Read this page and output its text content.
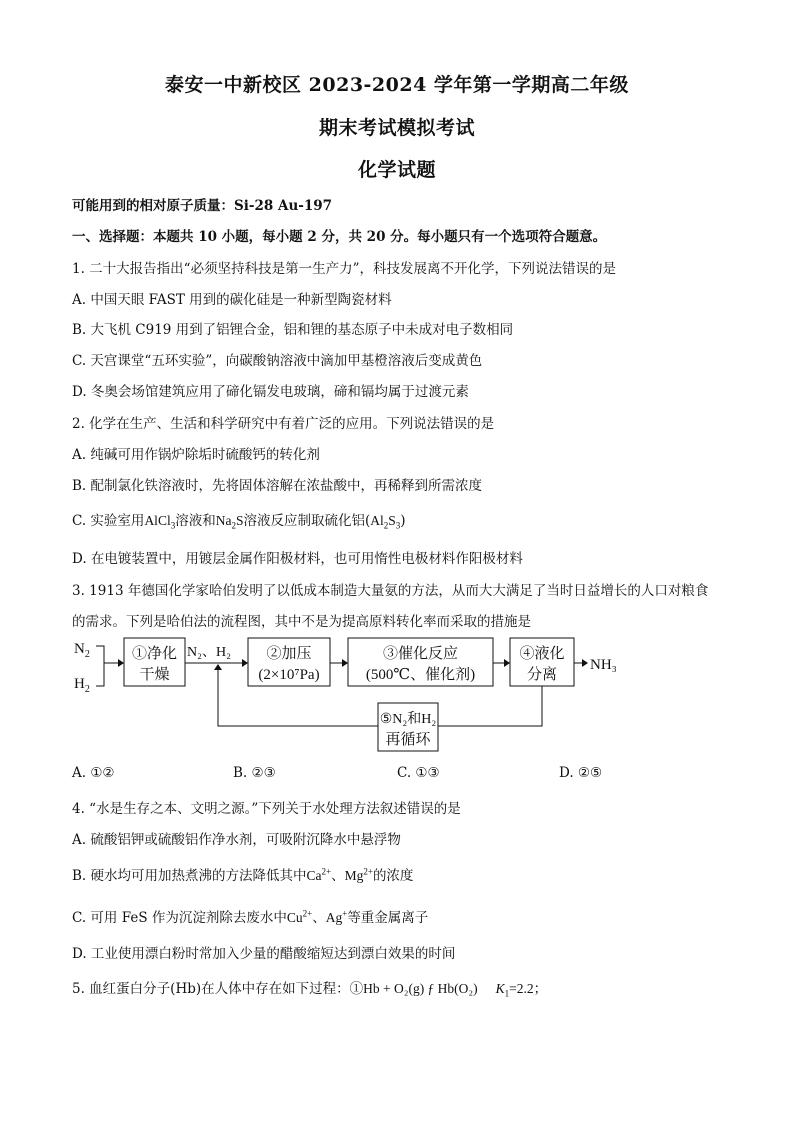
泰安一中新校区 2023-2024 学年第一学期高二年级
期末考试模拟考试
化学试题
可能用到的相对原子质量：Si-28 Au-197
一、选择题：本题共 10 小题，每小题 2 分，共 20 分。每小题只有一个选项符合题意。
1. 二十大报告指出“必须坚持科技是第一生产力”，科技发展离不开化学，下列说法错误的是
A. 中国天眼 FAST 用到的碳化硅是一种新型陶瓷材料
B. 大飞机 C919 用到了铝锂合金，铝和锂的基态原子中未成对电子数相同
C. 天宫课堂“五环实验”，向碳酸钠溶液中滴加甲基橙溶液后变成黄色
D. 冬奥会场馆建筑应用了碲化镉发电玻璃，碲和镉均属于过渡元素
2. 化学在生产、生活和科学研究中有着广泛的应用。下列说法错误的是
A. 纯碱可用作锅炉除垢时硫酸钙的转化剂
B. 配制氯化铁溶液时，先将固体溶解在浓盐酸中，再稀释到所需浓度
C. 实验室用AlCl$_3$溶液和$Na_2S$溶液反应制取硫化铝$(Al_2S_3)$
D. 在电镀装置中，用镀层金属作阳极材料，也可用惰性电极材料作阳极材料
3. 1913 年德国化学家哈伯发明了以低成本制造大量氨的方法，从而大大满足了当时日益增长的人口对粮食
的需求。下列是哈伯法的流程图，其中不是为提高原料转化率而采取的措施是
$N_2$
$H_2$
①净化
干燥
N₂、H₂ ②加压
(2×10⁷Pa)
③催化反应
(500℃、催化剂)
④液化
分离
NH₃
⑤N₂和H₂
再循环
A. ①②	B. ②③	C. ①③	D. ②⑤
4. “水是生存之本、文明之源。”下列关于水处理方法叙述错误的是
A. 硫酸铝钾或硫酸铝作净水剂，可吸附沉降水中悬浮物
B. 硬水均可用加热煮沸的方法降低其中$Ca^{2+}$、$Mg^{2+}$的浓度
C. 可用 FeS 作为沉淀剂除去废水中$Cu^{2+}$、Ag+等重金属离子
D. 工业使用漂白粉时常加入少量的醋酸缩短达到漂白效果的时间
5. 血红蛋白分子(Hb)在人体中存在如下过程：①Hb + O₂(g) ƒ Hb(O₂) $K_1=2.2$；
